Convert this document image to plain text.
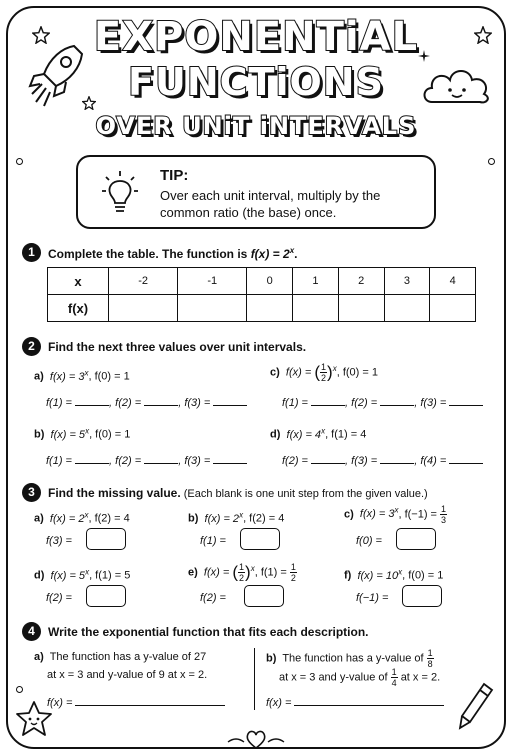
EXPONENTiAL
FUNCTiONS
OVER UNiT iNTERVALS
TIP:
Over each unit interval, multiply by the common ratio (the base) once.
1	Complete the table. The function is $f(x) = 2^x$.
x	-2	-1	0	1	2	3	4
f(x)							
2	Find the next three values over unit intervals.
a) $f(x) = 3^x$, f(0) = 1
f(1) =	, f(2) =	, f(3) =
c) f(x) = ( $\frac{1}{2} )^x$, f(0) = 1
f(1) =	, f(2) =	, f(3) =
b) $f(x) = 5^x$, f(0) = 1
f(1) =	, f(2) =	, f(3) =
d) $f(x) = 4^x$, f(1) = 4
f(2) =	, f(3) =	, f(4) =
3	Find the missing value. (Each blank is one unit step from the given value.)
a) $f(x) = 2^x$, f(2) = 4
f(3) =
b) $f(x) = 2^x$, f(2) = 4
f(1) =
c) $f(x) = 3^x$, $f(-1) = \frac{1}{3}$
f(0) =
d) $f(x) = 5^x$, f(1) = 5
f(2) =
e) f(x) = ( $\frac{1}{2} )^x$, $f(1) = \frac{1}{2}$
f(2) =
f) $f(x) = 10^x$, f(0) = 1
f(−1) =
4	Write the exponential function that fits each description.
a) The function has a y-value of 27
at x = 3 and y-value of 9 at x = 2.
f(x) =
b) The function has a y-value of $\frac{1}{8}$
at x = 3 and y-value of $\frac{1}{4}$ at x = 2.
f(x) =
